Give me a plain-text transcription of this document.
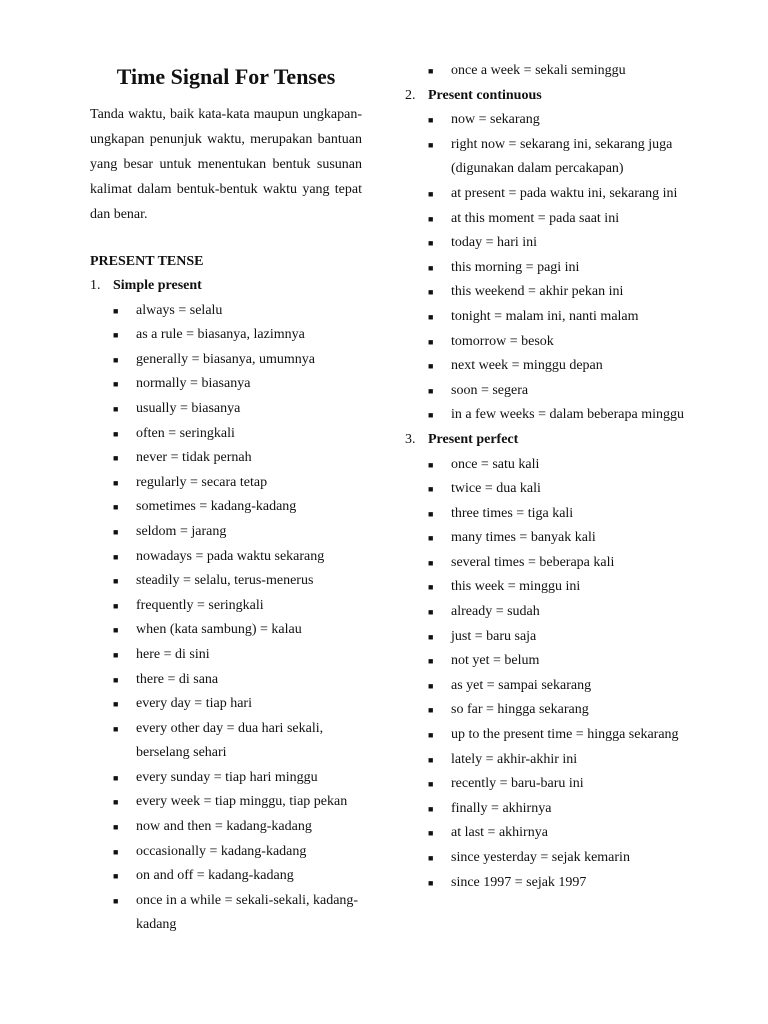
Time Signal For Tenses

Tanda waktu, baik kata-kata maupun ungkapan-ungkapan penunjuk waktu, merupakan bantuan yang besar untuk menentukan bentuk susunan kalimat dalam bentuk-bentuk waktu yang tepat dan benar.

PRESENT TENSE
1. Simple present
■	always = selalu
■	as a rule = biasanya, lazimnya
■	generally = biasanya, umumnya
■	normally = biasanya
■	usually = biasanya
■	often = seringkali
■	never = tidak pernah
■	regularly = secara tetap
■	sometimes = kadang-kadang
■	seldom = jarang
■	nowadays = pada waktu sekarang
■	steadily = selalu, terus-menerus
■	frequently = seringkali
■	when (kata sambung) = kalau
■	here = di sini
■	there = di sana
■	every day = tiap hari
■	every other day = dua hari sekali, berselang sehari
■	every sunday = tiap hari minggu
■	every week = tiap minggu, tiap pekan
■	now and then = kadang-kadang
■	occasionally = kadang-kadang
■	on and off = kadang-kadang
■	once in a while = sekali-sekali, kadang-kadang
■	once a week = sekali seminggu
2. Present continuous
■	now = sekarang
■	right now = sekarang ini, sekarang juga (digunakan dalam percakapan)
■	at present = pada waktu ini, sekarang ini
■	at this moment = pada saat ini
■	today = hari ini
■	this morning = pagi ini
■	this weekend = akhir pekan ini
■	tonight = malam ini, nanti malam
■	tomorrow = besok
■	next week = minggu depan
■	soon = segera
■	in a few weeks = dalam beberapa minggu
3. Present perfect
■	once = satu kali
■	twice = dua kali
■	three times = tiga kali
■	many times = banyak kali
■	several times = beberapa kali
■	this week = minggu ini
■	already = sudah
■	just = baru saja
■	not yet = belum
■	as yet = sampai sekarang
■	so far = hingga sekarang
■	up to the present time = hingga sekarang
■	lately = akhir-akhir ini
■	recently = baru-baru ini
■	finally = akhirnya
■	at last = akhirnya
■	since yesterday = sejak kemarin
■	since 1997 = sejak 1997
